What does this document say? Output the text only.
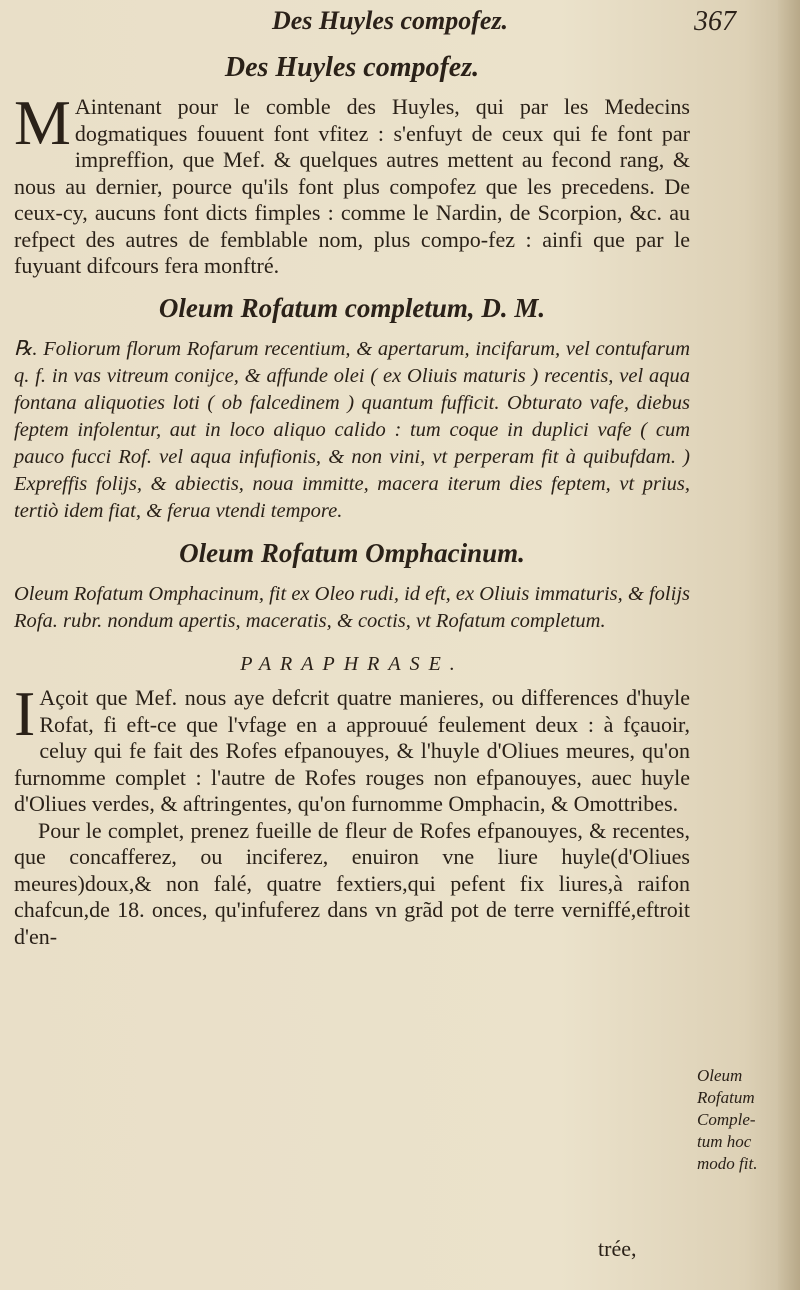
Des Huyles compofez.	367
Des Huyles compofez.

MAintenant pour le comble des Huyles, qui par les Medecins dogmatiques fouuent font vfitez : s'enfuyt de ceux qui fe font par impreffion, que Mef. & quelques autres mettent au fecond rang, & nous au dernier, pource qu'ils font plus compofez que les precedens. De ceux-cy, aucuns font dicts fimples : comme le Nardin, de Scorpion, &c. au refpect des autres de femblable nom, plus compo-fez : ainfi que par le fuyuant difcours fera monftré.

Oleum Rofatum completum, D. M.

℞. Foliorum florum Rofarum recentium, & apertarum, incifarum, vel contufarum q. f. in vas vitreum conijce, & affunde olei ( ex Oliuis maturis ) recentis, vel aqua fontana aliquoties loti ( ob falcedinem ) quantum fufficit. Obturato vafe, diebus feptem infolentur, aut in loco aliquo calido : tum coque in duplici vafe ( cum pauco fucci Rof. vel aqua infufionis, & non vini, vt perperam fit à quibufdam. ) Expreffis folijs, & abiectis, noua immitte, macera iterum dies feptem, vt prius, tertiò idem fiat, & ferua vtendi tempore.

Oleum Rofatum Omphacinum.

Oleum Rofatum Omphacinum, fit ex Oleo rudi, id eft, ex Oliuis immaturis, & folijs Rofa. rubr. nondum apertis, maceratis, & coctis, vt Rofatum completum.

PARAPHRASE.

IAçoit que Mef. nous aye defcrit quatre manieres, ou differences d'huyle Rofat, fi eft-ce que l'vfage en a approuué feulement deux : à fçauoir, celuy qui fe fait des Rofes efpanouyes, & l'huyle d'Oliues meures, qu'on furnomme complet : l'autre de Rofes rouges non efpanouyes, auec huyle d'Oliues verdes, & aftringentes, qu'on furnomme Omphacin, & Omottribes.

Pour le complet, prenez fueille de fleur de Rofes efpanouyes, & recentes, que concafferez, ou inciferez, enuiron vne liure huyle(d'Oliues meures)doux,& non falé, quatre fextiers,qui pefent fix liures,à raifon chafcun,de 18. onces, qu'infuferez dans vn grãd pot de terre verniffé,eftroit d'en-

Oleum
Rofatum
Comple-
tum hoc
modo fit.
trée,
